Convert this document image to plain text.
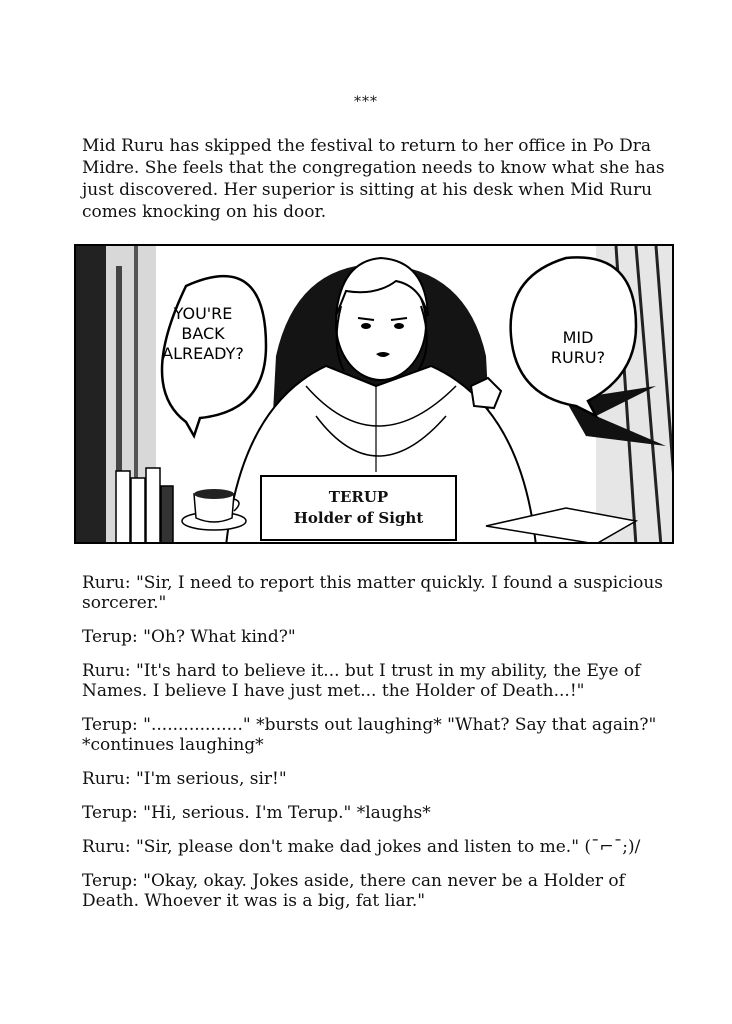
***

Mid Ruru has skipped the festival to return to her office in Po Dra Midre. She feels that the congregation needs to know what she has just discovered. Her superior is sitting at his desk when Mid Ruru comes knocking on his door.

YOU'RE
BACK
ALREADY?
MID
RURU?
TERUP
Holder of Sight

Ruru: "Sir, I need to report this matter quickly. I found a suspicious
sorcerer."

Terup: "Oh? What kind?"

Ruru: "It's hard to believe it... but I trust in my ability, the Eye of
Names. I believe I have just met... the Holder of Death...!"

Terup: "................." *bursts out laughing* "What? Say that again?"
*continues laughing*

Ruru: "I'm serious, sir!"

Terup: "Hi, serious. I'm Terup." *laughs*

Ruru: "Sir, please don't make dad jokes and listen to me." (¯⌐¯;)/

Terup: "Okay, okay. Jokes aside, there can never be a Holder of
Death. Whoever it was is a big, fat liar."
